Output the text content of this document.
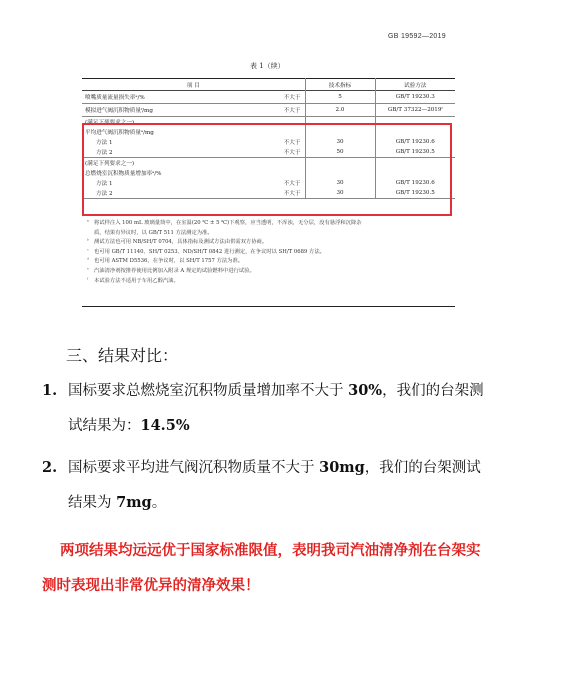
GB 19592—2019
表 1（续）
项 目	技术指标	试验方法
喷嘴质量流量损失率ᵃ/% 不大于	5	GB/T 19230.3
模拟进气阀沉积物质量ᶠ/mg 不大于	2.0	GB/T 37322—2019ᶠ
(满足下列要求之一)		
平均进气阀沉积物质量ᵃ/mg		
方法 1 不大于	30	GB/T 19230.6
方法 2 不大于	50	GB/T 19230.5
(满足下列要求之一)		
总燃烧室沉积物质量增加率ᵃ/%		
方法 1 不大于	30	GB/T 19230.6
方法 2 不大于	30	GB/T 19230.5
ᵃ 将试样注入 100 mL 玻璃量筒中，在室温(20 ℃ ± 5 ℃)下观察，应当透明，不浑浊，无分层，没有悬浮和沉降杂
质，结果有异议时，以 GB/T 511 方法测定为准。
ᵇ 测试方法也可用 NB/SH/T 0704，具体指标及测试方法由供需双方协商。
ᶜ 也可用 GB/T 11140、SH/T 0253、ND/SH/T 0842 进行测定，在争议时以 SH/T 0689 方法。
ᵈ 也可用 ASTM D5536，在争议时，以 SH/T 1757 方法为准。
ᵉ 汽油清净剂按推荐使用比例加入附录 A 规定的试验燃料中进行试验。
ᶠ 本试验方法不适用于车用乙醇汽油。
三、结果对比：
1. 国标要求总燃烧室沉积物质量增加率不大于 30%，我们的台架测
试结果为：14.5%
2. 国标要求平均进气阀沉积物质量不大于 30mg，我们的台架测试
结果为 7mg。
两项结果均远远优于国家标准限值，表明我司汽油清净剂在台架实
测时表现出非常优异的清净效果！
